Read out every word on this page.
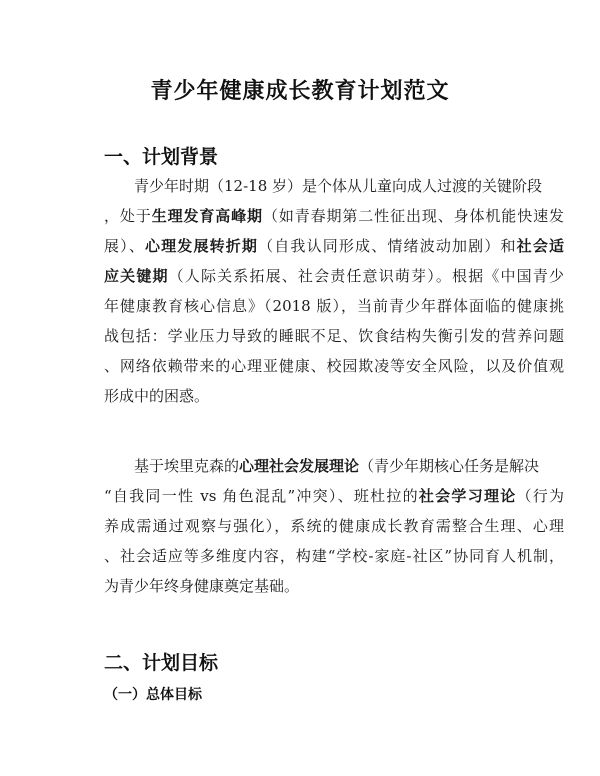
青少年健康成长教育计划范文
一、计划背景
青少年时期（12-18 岁）是个体从儿童向成人过渡的关键阶段
，处于生理发育高峰期（如青春期第二性征出现、身体机能快速发
展）、心理发展转折期（自我认同形成、情绪波动加剧）和社会适
应关键期（人际关系拓展、社会责任意识萌芽）。根据《中国青少
年健康教育核心信息》（2018 版），当前青少年群体面临的健康挑
战包括：学业压力导致的睡眠不足、饮食结构失衡引发的营养问题
、网络依赖带来的心理亚健康、校园欺凌等安全风险，以及价值观
形成中的困惑。
基于埃里克森的心理社会发展理论（青少年期核心任务是解决
“自我同一性 vs 角色混乱”冲突）、班杜拉的社会学习理论（行为
养成需通过观察与强化），系统的健康成长教育需整合生理、心理
、社会适应等多维度内容，构建“学校-家庭-社区”协同育人机制，
为青少年终身健康奠定基础。
二、计划目标
（一）总体目标
